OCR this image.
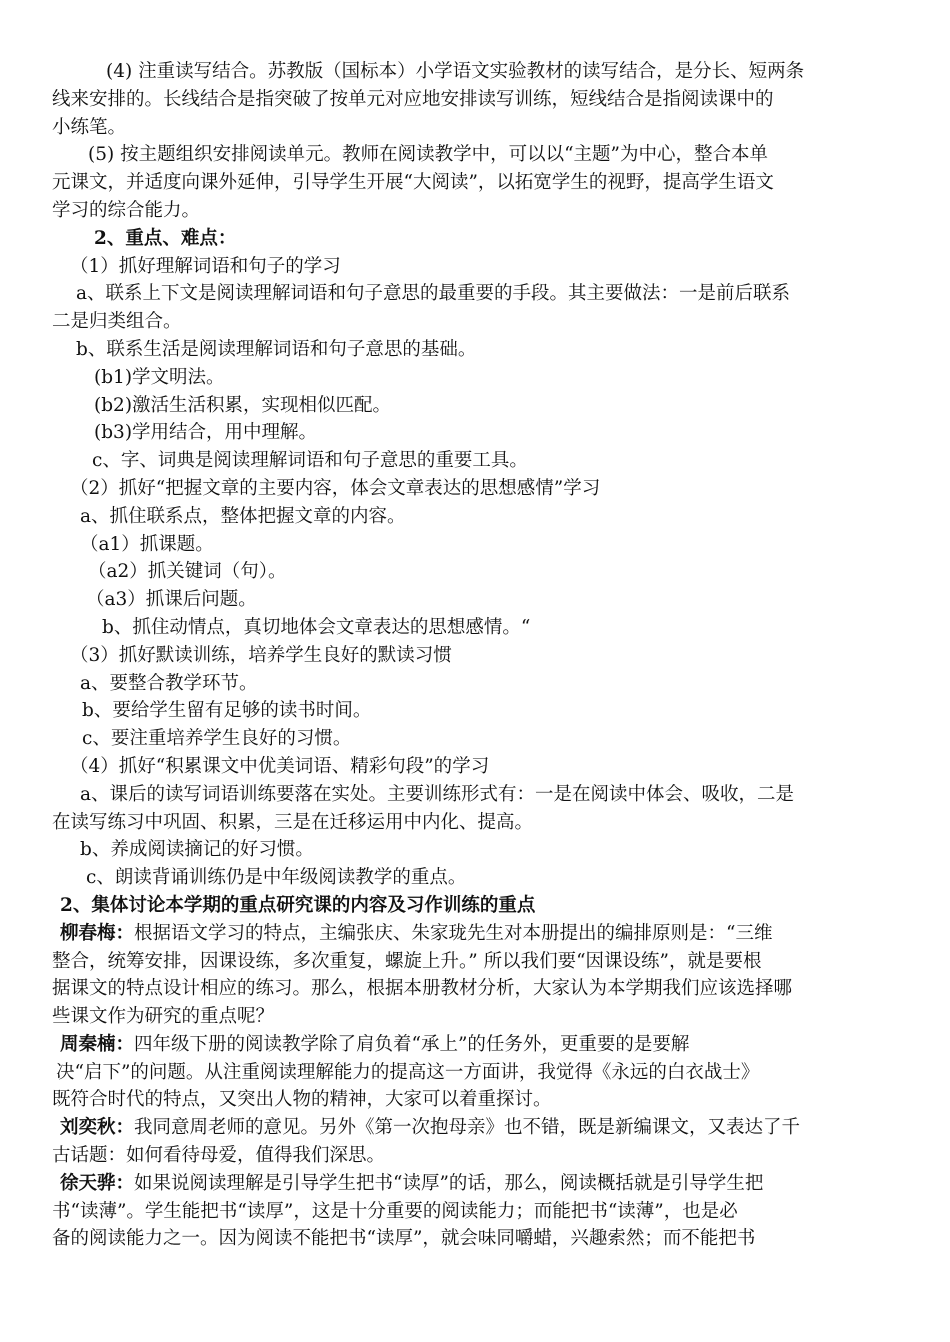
(4) 注重读写结合。苏教版（国标本）小学语文实验教材的读写结合，是分长、短两条
线来安排的。长线结合是指突破了按单元对应地安排读写训练，短线结合是指阅读课中的
小练笔。
(5) 按主题组织安排阅读单元。教师在阅读教学中，可以以“主题”为中心，整合本单
元课文，并适度向课外延伸，引导学生开展“大阅读”，以拓宽学生的视野，提高学生语文
学习的综合能力。
2、重点、难点：
（1）抓好理解词语和句子的学习
a、联系上下文是阅读理解词语和句子意思的最重要的手段。其主要做法：一是前后联系
二是归类组合。
b、联系生活是阅读理解词语和句子意思的基础。
(b1)学文明法。
(b2)激活生活积累，实现相似匹配。
(b3)学用结合，用中理解。
c、字、词典是阅读理解词语和句子意思的重要工具。
（2）抓好“把握文章的主要内容，体会文章表达的思想感情”学习
a、抓住联系点，整体把握文章的内容。
（a1）抓课题。
（a2）抓关键词（句）。
（a3）抓课后问题。
b、抓住动情点，真切地体会文章表达的思想感情。“
（3）抓好默读训练，培养学生良好的默读习惯
a、要整合教学环节。
b、要给学生留有足够的读书时间。
c、要注重培养学生良好的习惯。
（4）抓好“积累课文中优美词语、精彩句段”的学习
a、课后的读写词语训练要落在实处。主要训练形式有：一是在阅读中体会、吸收，二是
在读写练习中巩固、积累，三是在迁移运用中内化、提高。
b、养成阅读摘记的好习惯。
c、朗读背诵训练仍是中年级阅读教学的重点。
2、集体讨论本学期的重点研究课的内容及习作训练的重点
柳春梅：根据语文学习的特点，主编张庆、朱家珑先生对本册提出的编排原则是：“三维
整合，统筹安排，因课设练，多次重复，螺旋上升。” 所以我们要“因课设练”，就是要根
据课文的特点设计相应的练习。那么，根据本册教材分析，大家认为本学期我们应该选择哪
些课文作为研究的重点呢？
周秦楠：四年级下册的阅读教学除了肩负着“承上”的任务外，更重要的是要解
决“启下”的问题。从注重阅读理解能力的提高这一方面讲，我觉得《永远的白衣战士》
既符合时代的特点，又突出人物的精神，大家可以着重探讨。
刘奕秋：我同意周老师的意见。另外《第一次抱母亲》也不错，既是新编课文，又表达了千
古话题：如何看待母爱，值得我们深思。
徐天骅：如果说阅读理解是引导学生把书“读厚”的话，那么，阅读概括就是引导学生把
书“读薄”。学生能把书“读厚”，这是十分重要的阅读能力；而能把书“读薄”，也是必
备的阅读能力之一。因为阅读不能把书“读厚”，就会味同嚼蜡，兴趣索然；而不能把书
